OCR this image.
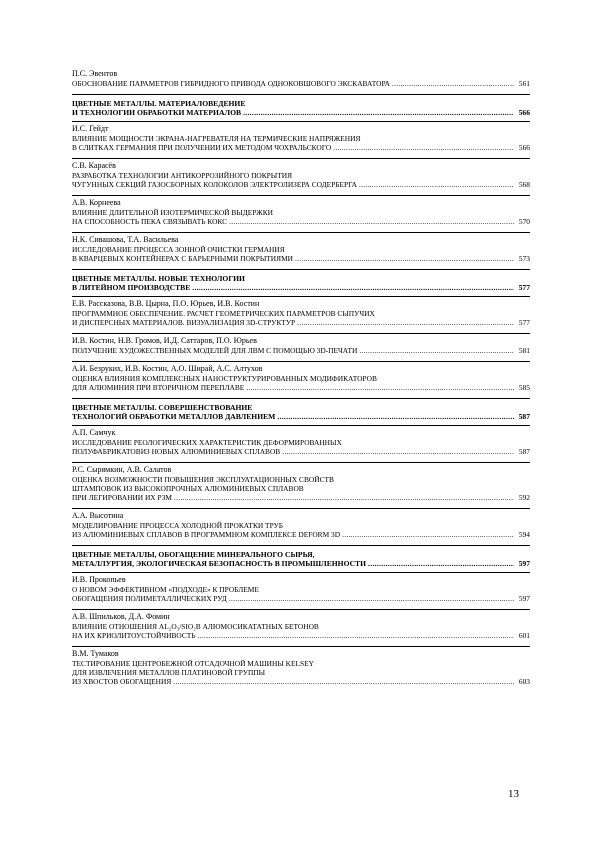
П.С. Эвентов
ОБОСНОВАНИЕ ПАРАМЕТРОВ ГИБРИДНОГО ПРИВОДА ОДНОКОВШОВОГО ЭКСКАВАТОРА .....	561
ЦВЕТНЫЕ МЕТАЛЛЫ. МАТЕРИАЛОВЕДЕНИЕ
И ТЕХНОЛОГИИ ОБРАБОТКИ МАТЕРИАЛОВ .....	566
И.С. Гейдт
ВЛИЯНИЕ МОЩНОСТИ ЭКРАНА-НАГРЕВАТЕЛЯ НА ТЕРМИЧЕСКИЕ НАПРЯЖЕНИЯ
В СЛИТКАХ ГЕРМАНИЯ ПРИ ПОЛУЧЕНИИ ИХ МЕТОДОМ ЧОХРАЛЬСКОГО .....	566
С.В. Карасёв
РАЗРАБОТКА ТЕХНОЛОГИИ АНТИКОРРОЗИЙНОГО ПОКРЫТИЯ
ЧУГУННЫХ СЕКЦИЙ ГАЗОСБОРНЫХ КОЛОКОЛОВ ЭЛЕКТРОЛИЗЕРА СОДЕРБЕРГА .....	568
А.В. Корнеева
ВЛИЯНИЕ ДЛИТЕЛЬНОЙ ИЗОТЕРМИЧЕСКОЙ ВЫДЕРЖКИ
НА СПОСОБНОСТЬ ПЕКА СВЯЗЫВАТЬ КОКС .....	570
Н.К. Сивашова, Т.А. Васильева
ИССЛЕДОВАНИЕ ПРОЦЕССА ЗОННОЙ ОЧИСТКИ ГЕРМАНИЯ
В КВАРЦЕВЫХ КОНТЕЙНЕРАХ С БАРЬЕРНЫМИ ПОКРЫТИЯМИ .....	573
ЦВЕТНЫЕ МЕТАЛЛЫ. НОВЫЕ ТЕХНОЛОГИИ
В ЛИТЕЙНОМ ПРОИЗВОДСТВЕ .....	577
Е.В. Рассказова, В.В. Цырна, П.О. Юрьев, И.В. Костин
ПРОГРАММНОЕ ОБЕСПЕЧЕНИЕ. РАСЧЕТ ГЕОМЕТРИЧЕСКИХ ПАРАМЕТРОВ СЫПУЧИХ
И ДИСПЕРСНЫХ МАТЕРИАЛОВ. ВИЗУАЛИЗАЦИЯ 3D-СТРУКТУР .....	577
И.В. Костин, Н.В. Громов, И.Д. Саттаров, П.О. Юрьев
ПОЛУЧЕНИЕ ХУДОЖЕСТВЕННЫХ МОДЕЛЕЙ ДЛЯ ЛВМ С ПОМОЩЬЮ 3D-ПЕЧАТИ .....	581
А.И. Безруких, И.В. Костин, А.О. Ширай, А.С. Алтухов
ОЦЕНКА ВЛИЯНИЯ КОМПЛЕКСНЫХ НАНОСТРУКТУРИРОВАННЫХ МОДИФИКАТОРОВ
ДЛЯ АЛЮМИНИЯ ПРИ ВТОРИЧНОМ ПЕРЕПЛАВЕ .....	585
ЦВЕТНЫЕ МЕТАЛЛЫ. СОВЕРШЕНСТВОВАНИЕ
ТЕХНОЛОГИЙ ОБРАБОТКИ МЕТАЛЛОВ ДАВЛЕНИЕМ .....	587
А.П. Самчук
ИССЛЕДОВАНИЕ РЕОЛОГИЧЕСКИХ ХАРАКТЕРИСТИК ДЕФОРМИРОВАННЫХ
ПОЛУФАБРИКАТОВИЗ НОВЫХ АЛЮМИНИЕВЫХ СПЛАВОВ .....	587
Р.С. Сырямкин, А.В. Салатов
ОЦЕНКА ВОЗМОЖНОСТИ ПОВЫШЕНИЯ ЭКСПЛУАТАЦИОННЫХ СВОЙСТВ
ШТАМПОВОК ИЗ ВЫСОКОПРОЧНЫХ АЛЮМИНИЕВЫХ СПЛАВОВ
ПРИ ЛЕГИРОВАНИИ ИХ РЗМ .....	592
А.А. Высотина
МОДЕЛИРОВАНИЕ ПРОЦЕССА ХОЛОДНОЙ ПРОКАТКИ ТРУБ
ИЗ АЛЮМИНИЕВЫХ СПЛАВОВ В ПРОГРАММНОМ КОМПЛЕКСЕ DEFORM 3D .....	594
ЦВЕТНЫЕ МЕТАЛЛЫ, ОБОГАЩЕНИЕ МИНЕРАЛЬНОГО СЫРЬЯ,
МЕТАЛЛУРГИЯ, ЭКОЛОГИЧЕСКАЯ БЕЗОПАСНОСТЬ В ПРОМЫШЛЕННОСТИ .....	597
И.В. Прокопьев
О НОВОМ ЭФФЕКТИВНОМ «ПОДХОДЕ» К ПРОБЛЕМЕ
ОБОГАЩЕНИЯ ПОЛИМЕТАЛЛИЧЕСКИХ РУД .....	597
А.В. Шпильков, Д.А. Фомин
ВЛИЯНИЕ ОТНОШЕНИЯ AL₂O₃/SIO₂В АЛЮМОСИКАТАТНЫХ БЕТОНОВ
НА ИХ КРИОЛИТОУСТОЙЧИВОСТЬ .....	601
В.М. Тумаков
ТЕСТИРОВАНИЕ ЦЕНТРОБЕЖНОЙ ОТСАДОЧНОЙ МАШИНЫ KELSEY
ДЛЯ ИЗВЛЕЧЕНИЯ МЕТАЛЛОВ ПЛАТИНОВОЙ ГРУППЫ
ИЗ ХВОСТОВ ОБОГАЩЕНИЯ .....	603
13
